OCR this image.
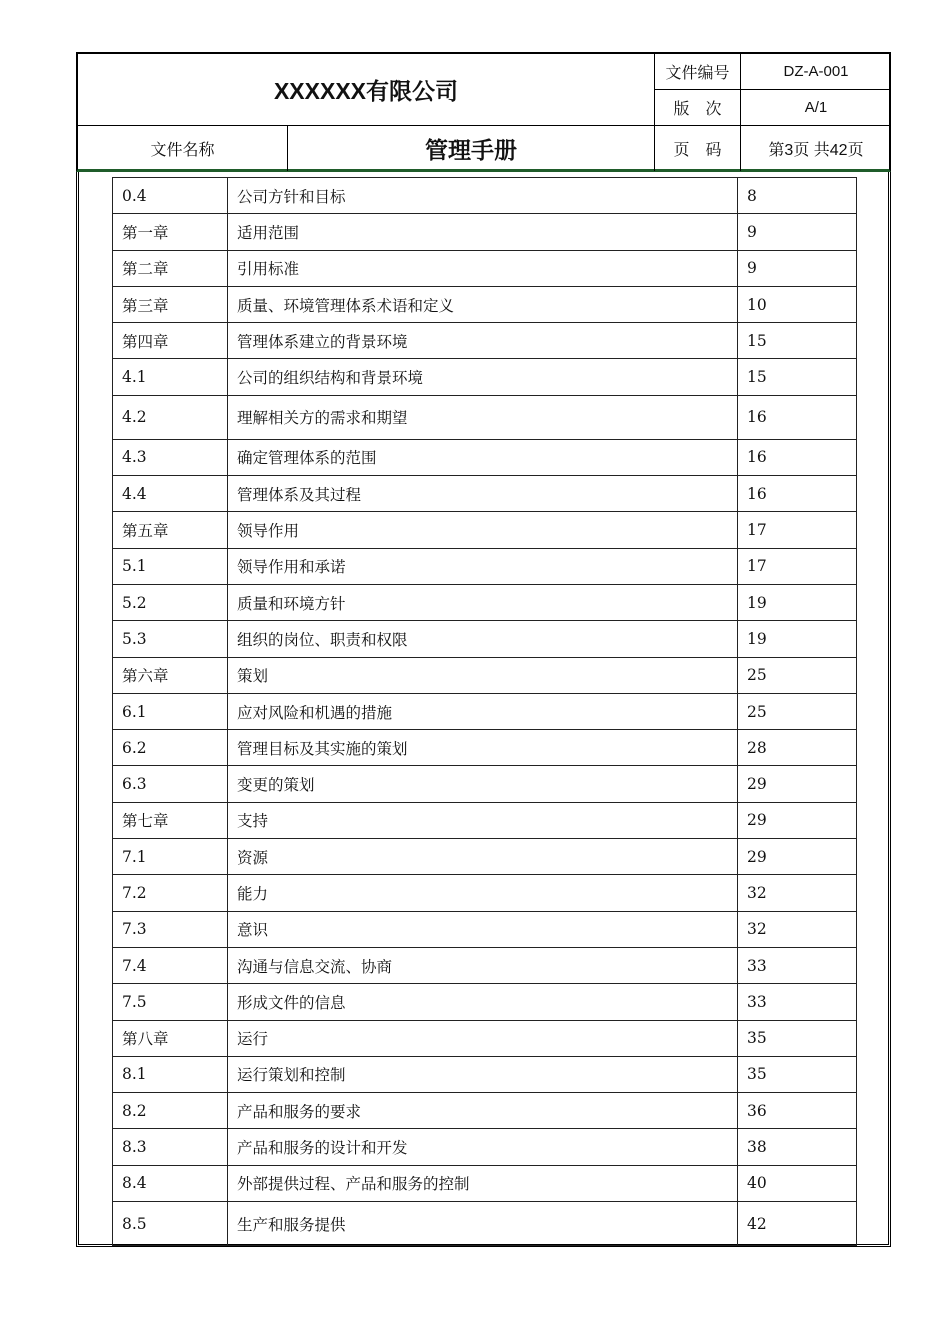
XXXXXX有限公司
文件编号	DZ-A-001
版　次	A/1
文件名称	管理手册	页　码	第3页 共42页
0.4	公司方针和目标	8
第一章	适用范围	9
第二章	引用标准	9
第三章	质量、环境管理体系术语和定义	10
第四章	管理体系建立的背景环境	15
4.1	公司的组织结构和背景环境	15
4.2	理解相关方的需求和期望	16
4.3	确定管理体系的范围	16
4.4	管理体系及其过程	16
第五章	领导作用	17
5.1	领导作用和承诺	17
5.2	质量和环境方针	19
5.3	组织的岗位、职责和权限	19
第六章	策划	25
6.1	应对风险和机遇的措施	25
6.2	管理目标及其实施的策划	28
6.3	变更的策划	29
第七章	支持	29
7.1	资源	29
7.2	能力	32
7.3	意识	32
7.4	沟通与信息交流、协商	33
7.5	形成文件的信息	33
第八章	运行	35
8.1	运行策划和控制	35
8.2	产品和服务的要求	36
8.3	产品和服务的设计和开发	38
8.4	外部提供过程、产品和服务的控制	40
8.5	生产和服务提供	42
